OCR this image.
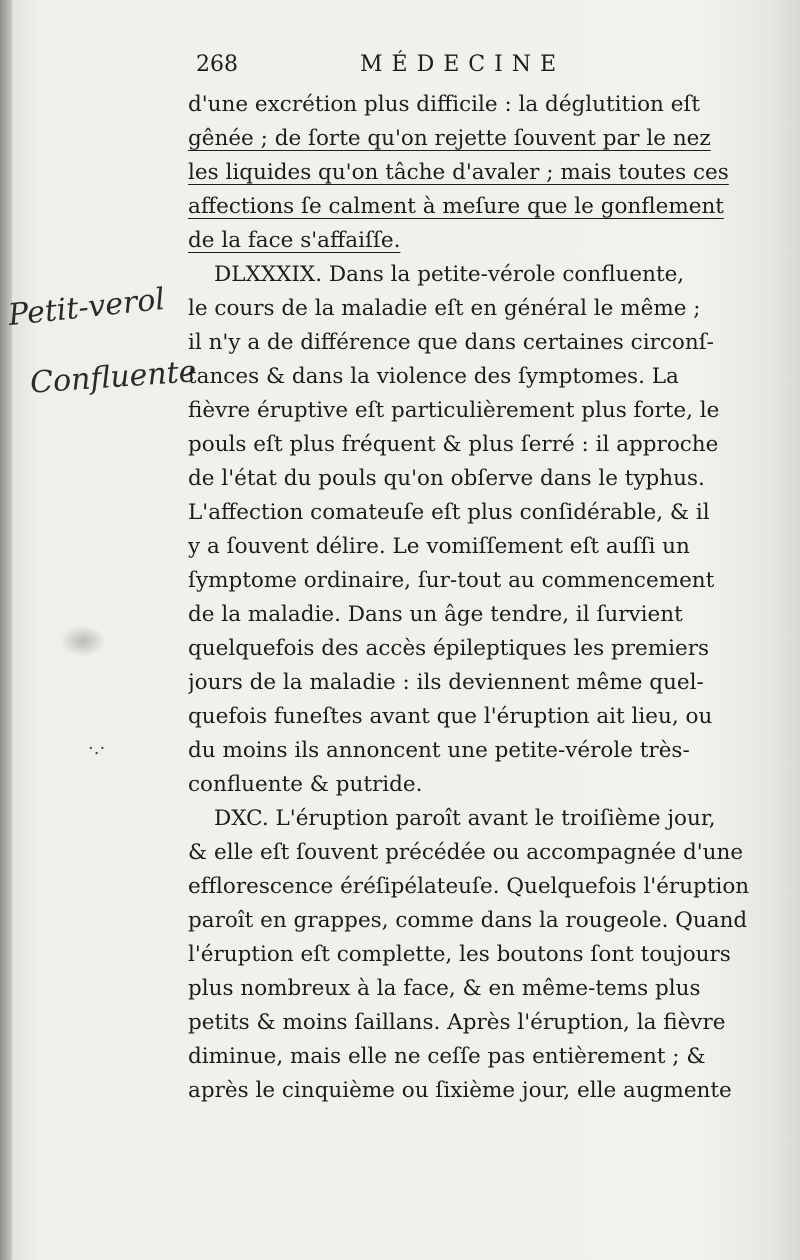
268	MÉDECINE
Petit-verol
Confluente
·.·
d'une excrétion plus difficile : la déglutition eſt
gênée ; de ſorte qu'on rejette ſouvent par le nez
les liquides qu'on tâche d'avaler ; mais toutes ces
affections ſe calment à meſure que le gonflement
de la face s'affaiſſe.
DLXXXIX. Dans la petite-vérole confluente,
le cours de la maladie eſt en général le même ;
il n'y a de différence que dans certaines circonſ-
tances & dans la violence des ſymptomes. La
fièvre éruptive eſt particulièrement plus forte, le
pouls eſt plus fréquent & plus ſerré : il approche
de l'état du pouls qu'on obſerve dans le typhus.
L'affection comateuſe eſt plus conſidérable, & il
y a ſouvent délire. Le vomiſſement eſt auſſi un
ſymptome ordinaire, ſur-tout au commencement
de la maladie. Dans un âge tendre, il ſurvient
quelquefois des accès épileptiques les premiers
jours de la maladie : ils deviennent même quel-
quefois funeſtes avant que l'éruption ait lieu, ou
du moins ils annoncent une petite-vérole très-
confluente & putride.
DXC. L'éruption paroît avant le troiſième jour,
& elle eſt ſouvent précédée ou accompagnée d'une
efflorescence éréſipélateuſe. Quelquefois l'éruption
paroît en grappes, comme dans la rougeole. Quand
l'éruption eſt complette, les boutons ſont toujours
plus nombreux à la face, & en même-tems plus
petits & moins ſaillans. Après l'éruption, la fièvre
diminue, mais elle ne ceſſe pas entièrement ; &
après le cinquième ou ſixième jour, elle augmente
